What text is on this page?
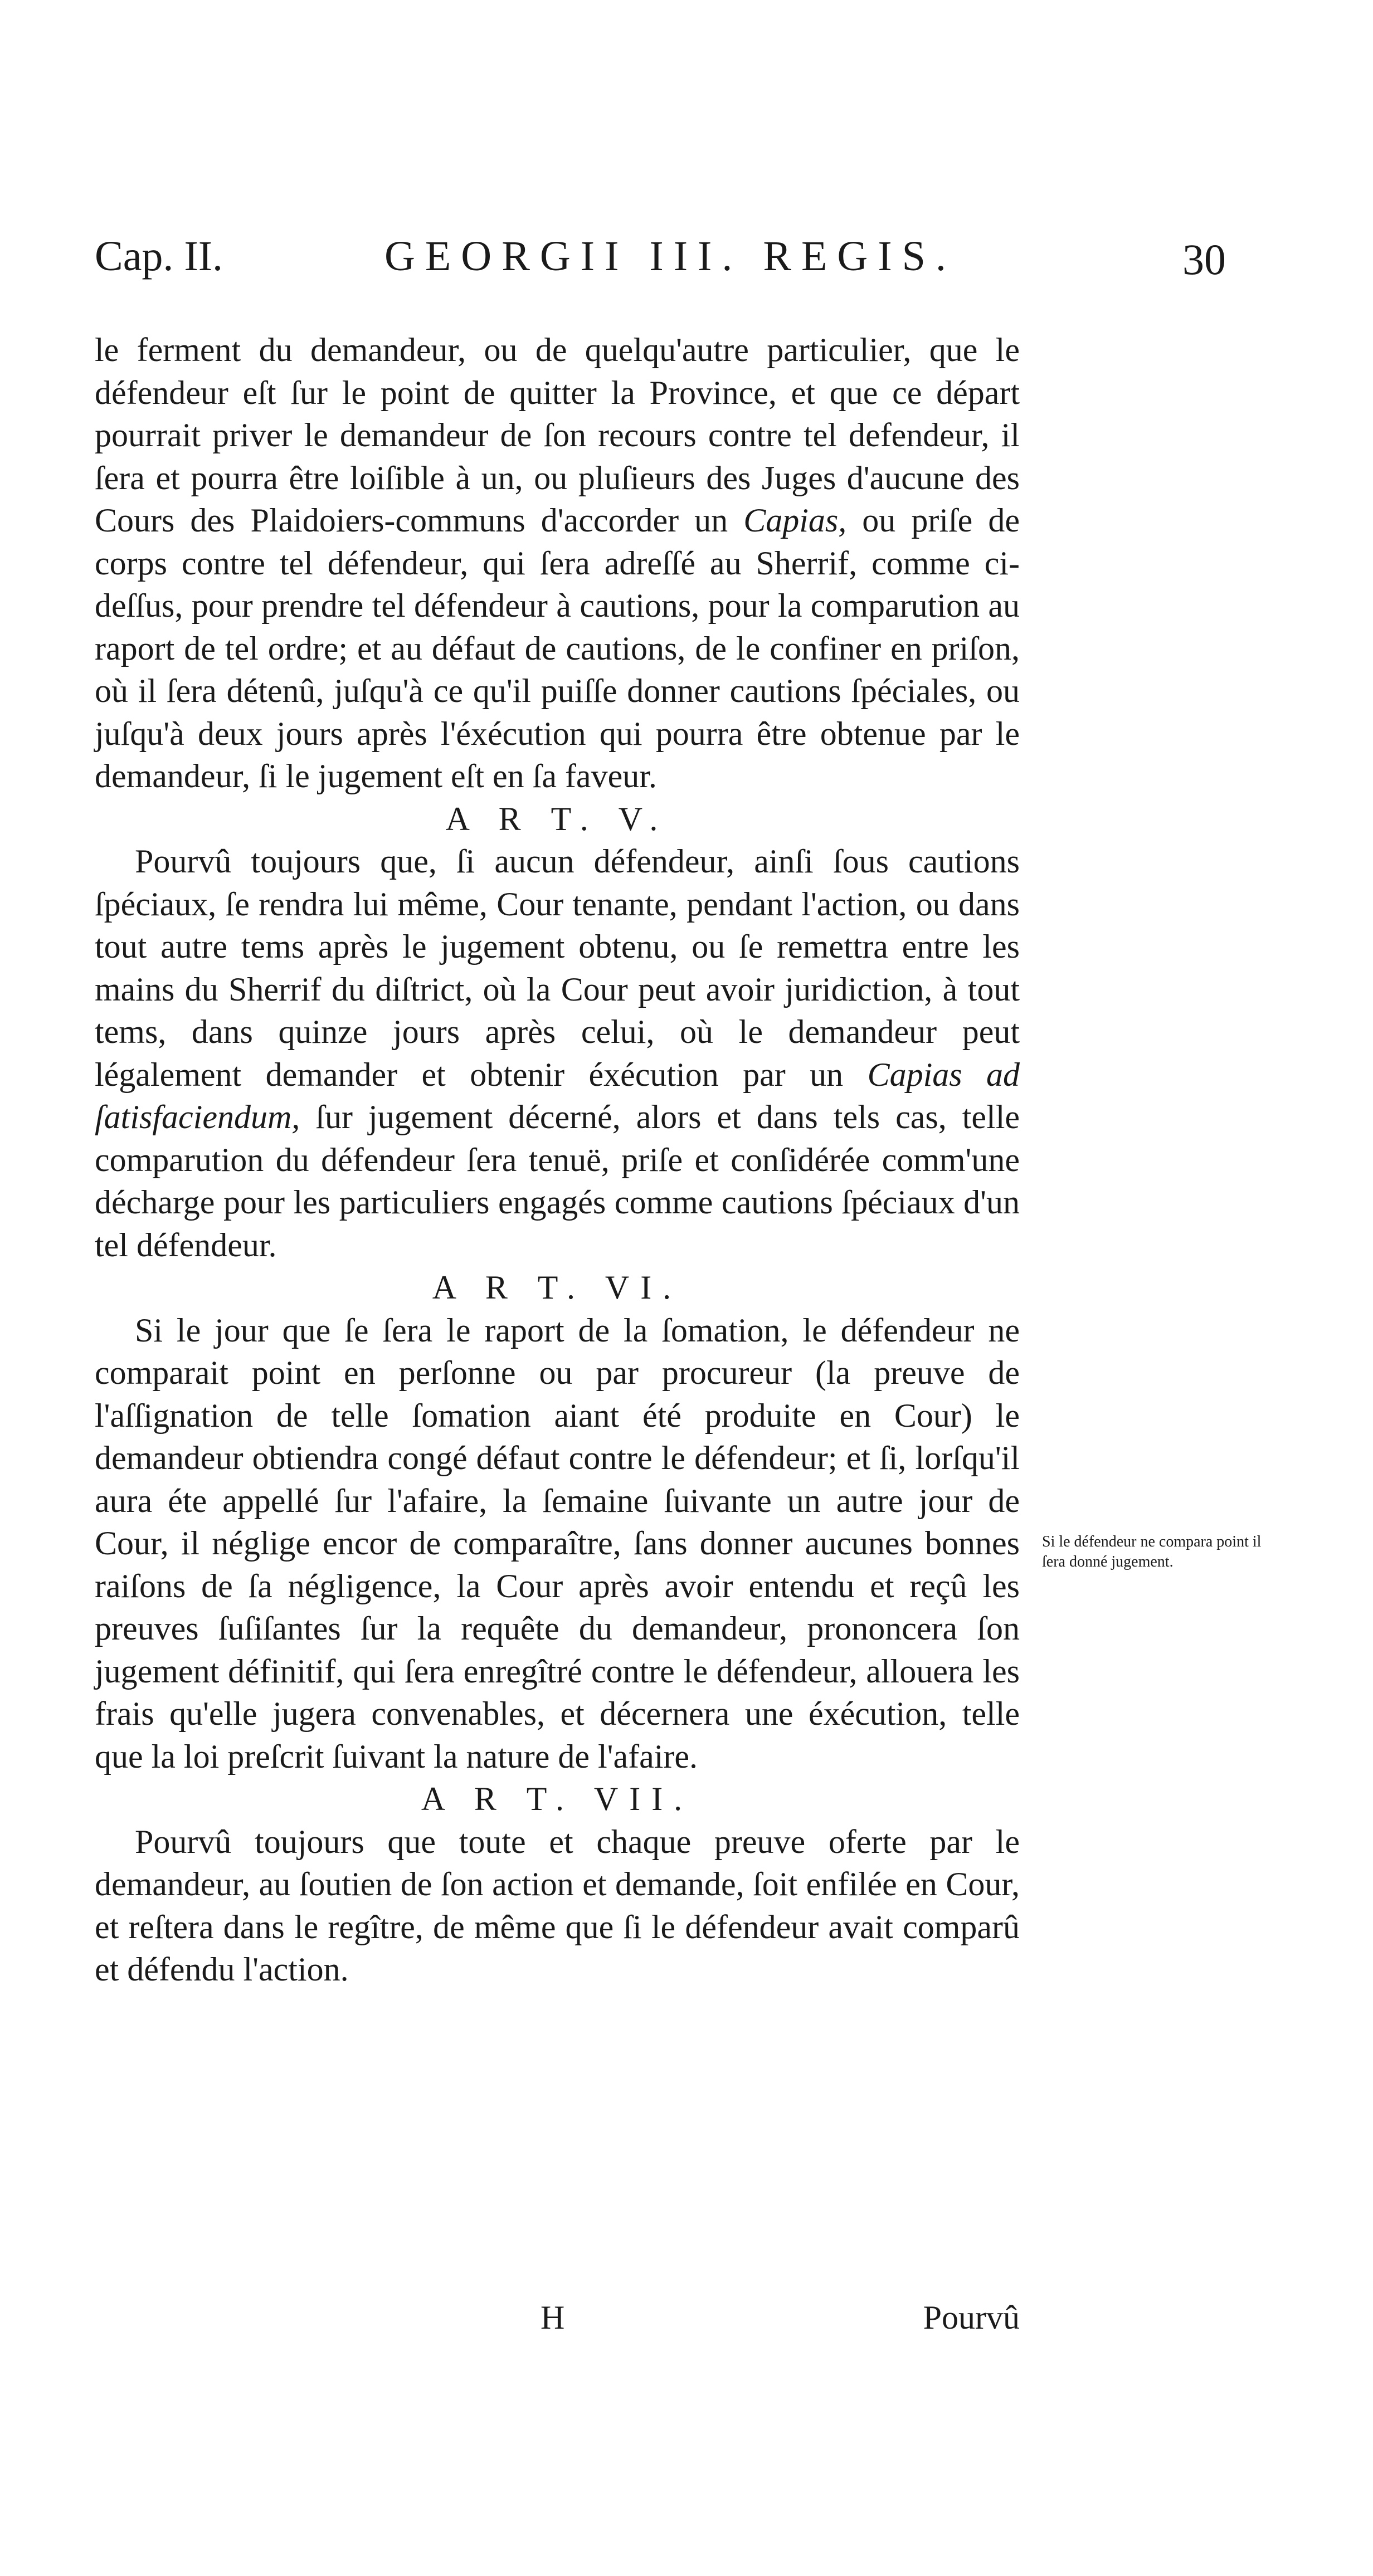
Cap. II.	GEORGII III. REGIS.	30

le ferment du demandeur, ou de quelqu'autre particulier, que le défendeur eſt ſur le point de quitter la Province, et que ce départ pourrait priver le demandeur de ſon recours contre tel defendeur, il ſera et pourra être loiſible à un, ou pluſieurs des Juges d'aucune des Cours des Plaidoiers-communs d'accorder un Capias, ou priſe de corps contre tel défendeur, qui ſera adreſſé au Sherrif, comme ci-deſſus, pour prendre tel défendeur à cautions, pour la comparution au raport de tel ordre; et au défaut de cautions, de le confiner en priſon, où il ſera détenû, juſqu'à ce qu'il puiſſe donner cautions ſpéciales, ou juſqu'à deux jours après l'éxécution qui pourra être obtenue par le demandeur, ſi le jugement eſt en ſa faveur.

A R T. V.

Pourvû toujours que, ſi aucun défendeur, ainſi ſous cautions ſpéciaux, ſe rendra lui même, Cour tenante, pendant l'action, ou dans tout autre tems après le jugement obtenu, ou ſe remettra entre les mains du Sherrif du diſtrict, où la Cour peut avoir juridiction, à tout tems, dans quinze jours après celui, où le demandeur peut légalement demander et obtenir éxécution par un Capias ad ſatisfaciendum, ſur jugement décerné, alors et dans tels cas, telle comparution du défendeur ſera tenuë, priſe et conſidérée comm'une décharge pour les particuliers engagés comme cautions ſpéciaux d'un tel défendeur.

A R T. VI.

Si le jour que ſe ſera le raport de la ſomation, le défendeur ne comparait point en perſonne ou par procureur (la preuve de l'aſſignation de telle ſomation aiant été produite en Cour) le demandeur obtiendra congé défaut contre le défendeur; et ſi, lorſqu'il aura éte appellé ſur l'afaire, la ſemaine ſuivante un autre jour de Cour, il néglige encor de comparaître, ſans donner aucunes bonnes raiſons de ſa négligence, la Cour après avoir entendu et reçû les preuves ſuſiſantes ſur la requête du demandeur, prononcera ſon jugement définitif, qui ſera enregîtré contre le défendeur, allouera les frais qu'elle jugera convenables, et décernera une éxécution, telle que la loi preſcrit ſuivant la nature de l'afaire.

A R T. VII.

Pourvû toujours que toute et chaque preuve oferte par le demandeur, au ſoutien de ſon action et demande, ſoit enfilée en Cour, et reſtera dans le regître, de même que ſi le défendeur avait comparû et défendu l'action.

Si le défendeur ne compara point il ſera donné jugement.
H	Pourvû
